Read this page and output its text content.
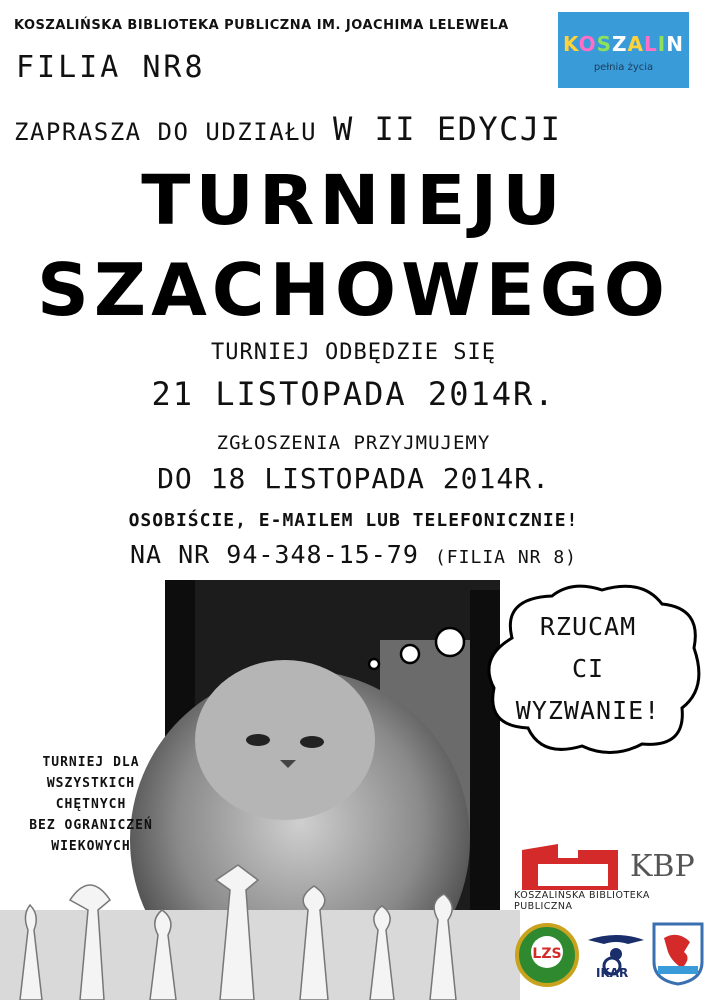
KOSZALIŃSKA BIBLIOTEKA PUBLICZNA IM. JOACHIMA LELEWELA
FILIA NR8
ZAPRASZA DO UDZIAŁU W II EDYCJI
KOSZALIN
pełnia życia
TURNIEJU
SZACHOWEGO
TURNIEJ ODBĘDZIE SIĘ
21 LISTOPADA 2014R.
ZGŁOSZENIA PRZYJMUJEMY
DO 18 LISTOPADA 2014R.
OSOBIŚCIE, E-MAILEM LUB TELEFONICZNIE!
NA NR 94-348-15-79 (FILIA NR 8)
RZUCAM
CI
WYZWANIE!
TURNIEJ DLA
WSZYSTKICH
CHĘTNYCH
BEZ OGRANICZEŃ
WIEKOWYCH
KBP
KOSZALIŃSKA BIBLIOTEKA PUBLICZNA
LZS
IKAR
